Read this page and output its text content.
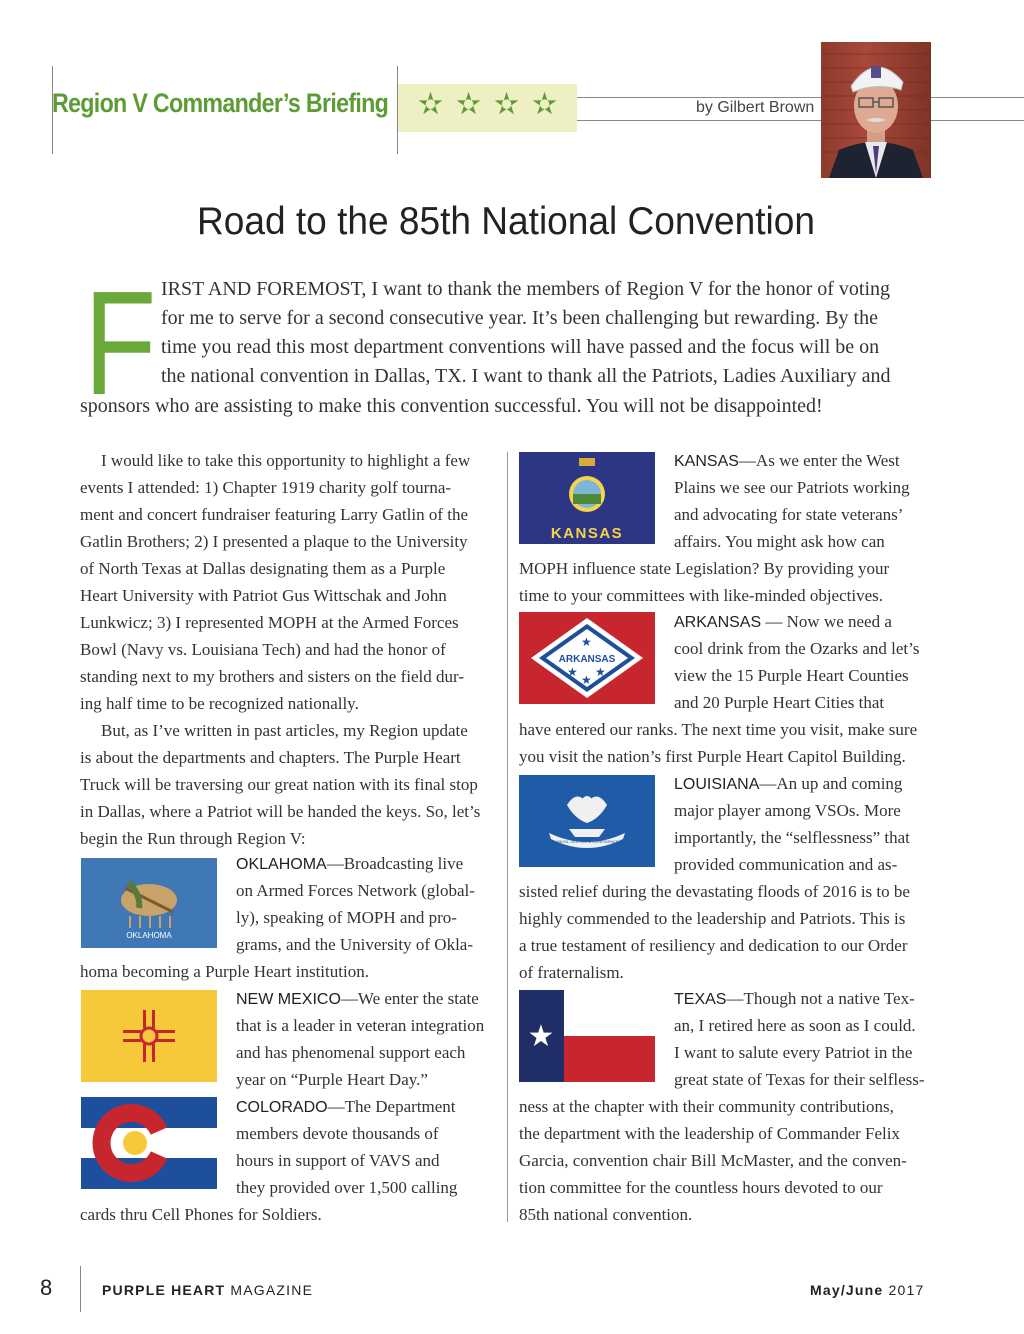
Region V Commander’s Briefing ✫ ✫ ✫ ✫	by Gilbert Brown
Road to the 85th National Convention
F IRST AND FOREMOST, I want to thank the members of Region V for the honor of voting
for me to serve for a second consecutive year. It’s been challenging but rewarding. By the
time you read this most department conventions will have passed and the focus will be on
the national convention in Dallas, TX. I want to thank all the Patriots, Ladies Auxiliary and
sponsors who are assisting to make this convention successful. You will not be disappointed!
I would like to take this opportunity to highlight a few
events I attended: 1) Chapter 1919 charity golf tourna-
ment and concert fundraiser featuring Larry Gatlin of the
Gatlin Brothers; 2) I presented a plaque to the University
of North Texas at Dallas designating them as a Purple
Heart University with Patriot Gus Wittschak and John
Lunkwicz; 3) I represented MOPH at the Armed Forces
Bowl (Navy vs. Louisiana Tech) and had the honor of
standing next to my brothers and sisters on the field dur-
ing half time to be recognized nationally.
But, as I’ve written in past articles, my Region update
is about the departments and chapters. The Purple Heart
Truck will be traversing our great nation with its final stop
in Dallas, where a Patriot will be handed the keys. So, let’s
begin the Run through Region V:
OKLAHOMA
OKLAHOMA—Broadcasting live
on Armed Forces Network (global-
ly), speaking of MOPH and pro-
grams, and the University of Okla-
homa becoming a Purple Heart institution.
NEW MEXICO—We enter the state
that is a leader in veteran integration
and has phenomenal support each
year on “Purple Heart Day.”
COLORADO—The Department
members devote thousands of
hours in support of VAVS and
they provided over 1,500 calling
cards thru Cell Phones for Soldiers.
KANSAS
KANSAS—As we enter the West
Plains we see our Patriots working
and advocating for state veterans’
affairs. You might ask how can
MOPH influence state Legislation? By providing your
time to your committees with like-minded objectives.
ARKANSAS
★
★ ★
★
ARKANSAS — Now we need a
cool drink from the Ozarks and let’s
view the 15 Purple Heart Counties
and 20 Purple Heart Cities that
have entered our ranks. The next time you visit, make sure
you visit the nation’s first Purple Heart Capitol Building.
UNION, JUSTICE & CONFIDENCE
LOUISIANA—An up and coming
major player among VSOs. More
importantly, the “selflessness” that
provided communication and as-
sisted relief during the devastating floods of 2016 is to be
highly commended to the leadership and Patriots. This is
a true testament of resiliency and dedication to our Order
of fraternalism.
★
TEXAS—Though not a native Tex-
an, I retired here as soon as I could.
I want to salute every Patriot in the
great state of Texas for their selfless-
ness at the chapter with their community contributions,
the department with the leadership of Commander Felix
Garcia, convention chair Bill McMaster, and the conven-
tion committee for the countless hours devoted to our
85th national convention.
8	PURPLE HEART MAGAZINE	May/June 2017
